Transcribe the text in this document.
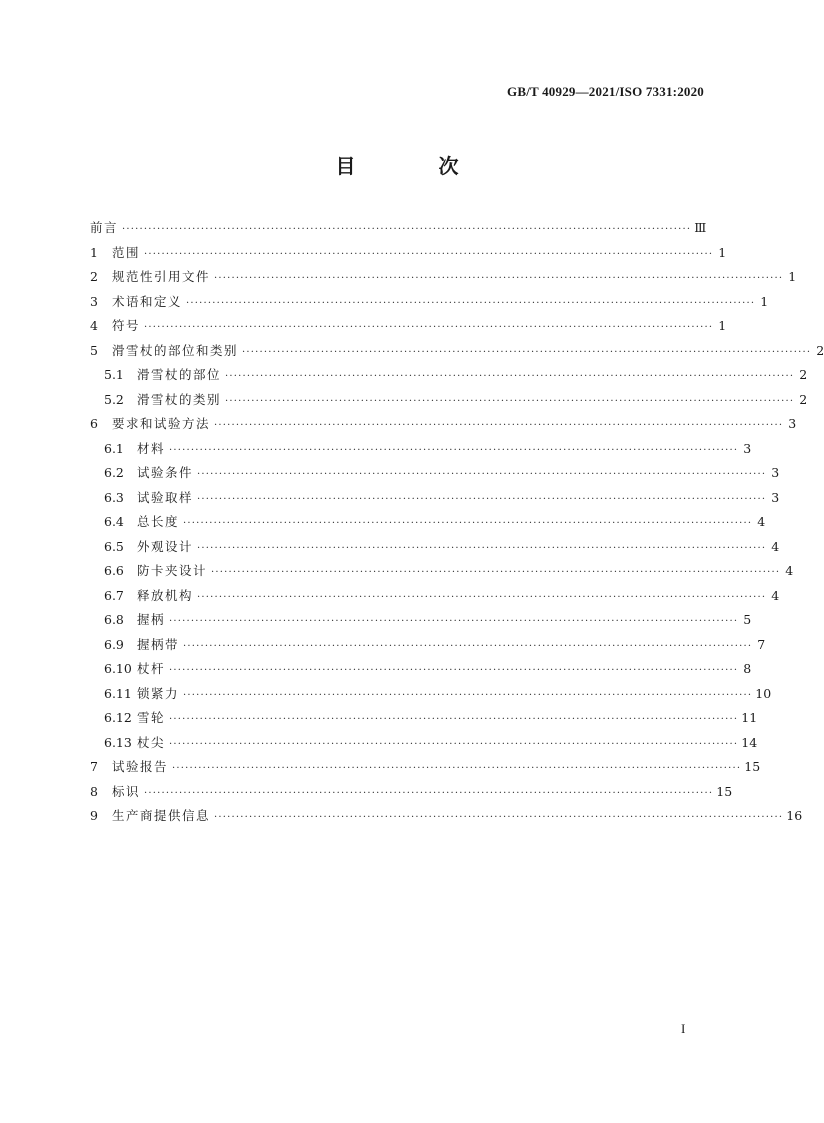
GB/T 40929—2021/ISO 7331:2020
目 次
前言 ·································································································································· Ⅲ
1	范围 ·································································································································· 1
2	规范性引用文件 ·································································································································· 1
3	术语和定义 ·································································································································· 1
4	符号 ·································································································································· 1
5	滑雪杖的部位和类别 ·································································································································· 2
5.1	滑雪杖的部位 ·································································································································· 2
5.2	滑雪杖的类别 ·································································································································· 2
6	要求和试验方法 ·································································································································· 3
6.1	材料 ·································································································································· 3
6.2	试验条件 ·································································································································· 3
6.3	试验取样 ·································································································································· 3
6.4	总长度 ·································································································································· 4
6.5	外观设计 ·································································································································· 4
6.6	防卡夹设计 ·································································································································· 4
6.7	释放机构 ·································································································································· 4
6.8	握柄 ·································································································································· 5
6.9	握柄带 ·································································································································· 7
6.10 杖杆 ·································································································································· 8
6.11 锁紧力 ·································································································································· 10
6.12 雪轮 ·································································································································· 11
6.13 杖尖 ·································································································································· 14
7	试验报告 ·································································································································· 15
8	标识 ·································································································································· 15
9	生产商提供信息 ·································································································································· 16
I
